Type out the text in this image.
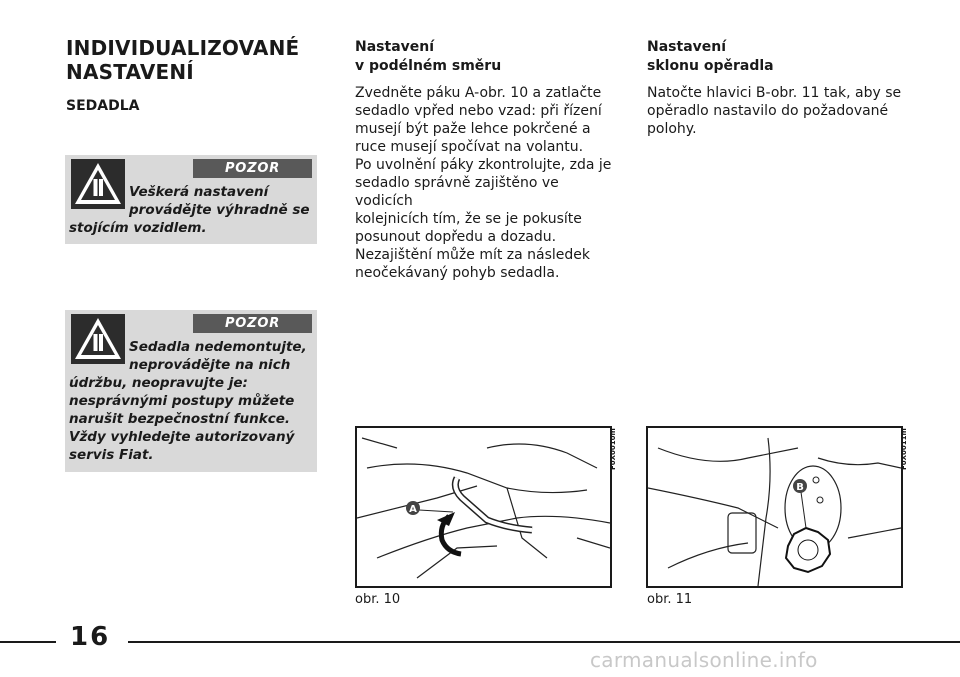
INDIVIDUALIZOVANÉ
NASTAVENÍ
SEDADLA
POZOR
Veškerá nastavení provádějte výhradně se stojícím vozidlem.
POZOR
Sedadla nedemontujte, neprovádějte na nich údržbu, neopravujte je: nesprávnými postupy můžete narušit bezpečnostní funkce. Vždy vyhledejte autorizovaný servis Fiat.
Nastavení
v podélném směru
Zvedněte páku A-obr. 10 a zatlačte
sedadlo vpřed nebo vzad: při řízení
musejí být paže lehce pokrčené a
ruce musejí spočívat na volantu.
Po uvolnění páky zkontrolujte, zda je
sedadlo správně zajištěno ve vodicích
kolejnicích tím, že se je pokusíte
posunout dopředu a dozadu.
Nezajištění můžе mít za následek
neočekávaný pohyb sedadla.
Nastavení
sklonu opěradla
Natočte hlavici B-obr. 11 tak, aby se
opěradlo nastavilo do požadované
polohy.
A
F0X0010m
obr. 10
B
F0X0011m
obr. 11
16
carmanualsonline.info
